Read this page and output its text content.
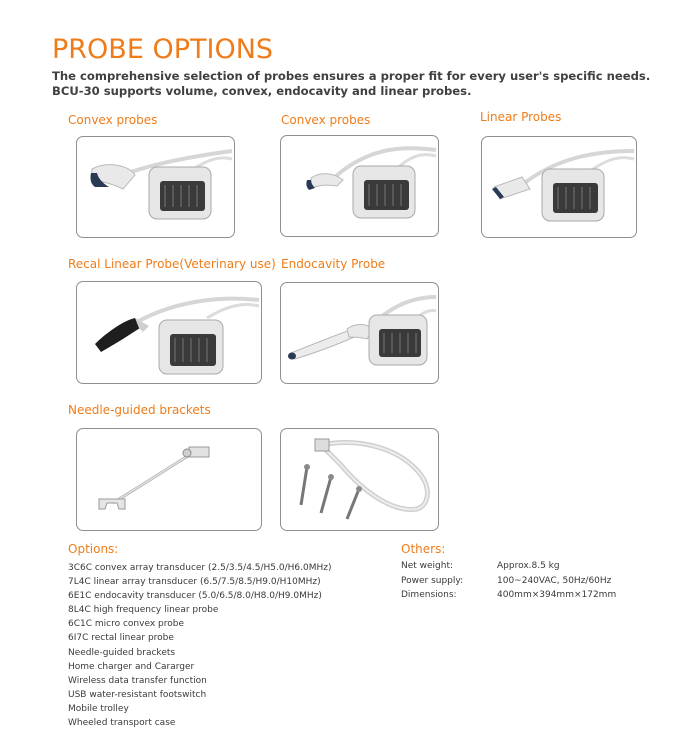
PROBE OPTIONS
The comprehensive selection of probes ensures a proper fit for every user's specific needs.
BCU-30 supports volume, convex, endocavity and linear probes.
Convex probes	Convex probes	Linear Probes
Recal Linear Probe(Veterinary use) Endocavity Probe
Needle-guided brackets
Options:
3C6C convex array transducer (2.5/3.5/4.5/H5.0/H6.0MHz)
7L4C linear array transducer (6.5/7.5/8.5/H9.0/H10MHz)
6E1C endocavity transducer (5.0/6.5/8.0/H8.0/H9.0MHz)
8L4C high frequency linear probe
6C1C micro convex probe
6I7C rectal linear probe
Needle-guided brackets
Home charger and Cararger
Wireless data transfer function
USB water-resistant footswitch
Mobile trolley
Wheeled transport case
Others:
Net weight:	Approx.8.5 kg
Power supply:	100~240VAC, 50Hz/60Hz
Dimensions:	400mm×394mm×172mm
